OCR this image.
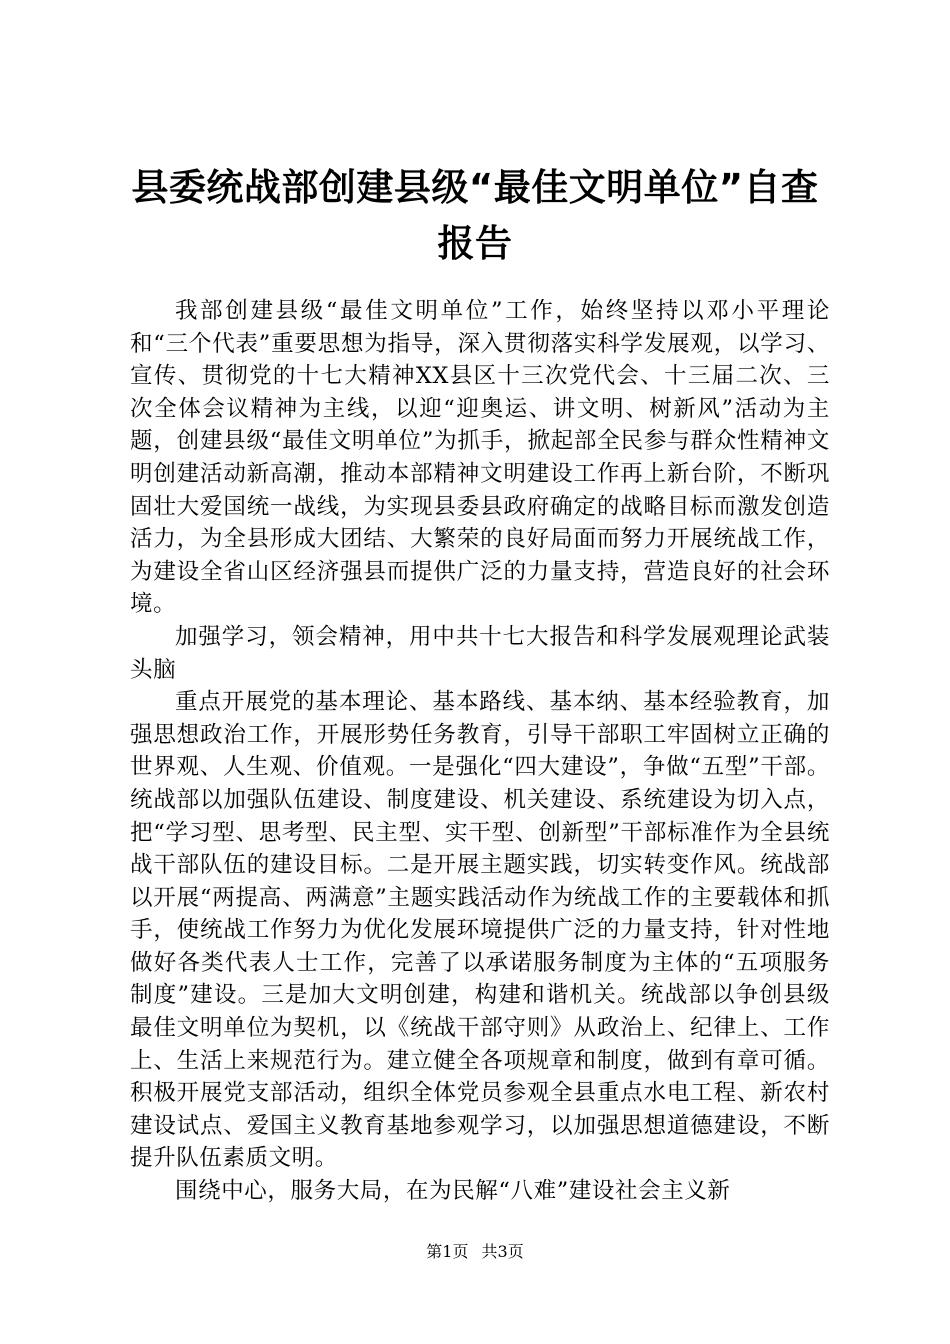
县委统战部创建县级“最佳文明单位”自查报告

我部创建县级“最佳文明单位”工作，始终坚持以邓小平理论和“三个代表”重要思想为指导，深入贯彻落实科学发展观，以学习、宣传、贯彻党的十七大精神XX县区十三次党代会、十三届二次、三次全体会议精神为主线，以迎“迎奥运、讲文明、树新风”活动为主题，创建县级“最佳文明单位”为抓手，掀起部全民参与群众性精神文明创建活动新高潮，推动本部精神文明建设工作再上新台阶，不断巩固壮大爱国统一战线，为实现县委县政府确定的战略目标而激发创造活力，为全县形成大团结、大繁荣的良好局面而努力开展统战工作，为建设全省山区经济强县而提供广泛的力量支持，营造良好的社会环境。

加强学习，领会精神，用中共十七大报告和科学发展观理论武装头脑

重点开展党的基本理论、基本路线、基本纳、基本经验教育，加强思想政治工作，开展形势任务教育，引导干部职工牢固树立正确的世界观、人生观、价值观。一是强化“四大建设”，争做“五型”干部。统战部以加强队伍建设、制度建设、机关建设、系统建设为切入点，把“学习型、思考型、民主型、实干型、创新型”干部标准作为全县统战干部队伍的建设目标。二是开展主题实践，切实转变作风。统战部以开展“两提高、两满意”主题实践活动作为统战工作的主要载体和抓手，使统战工作努力为优化发展环境提供广泛的力量支持，针对性地做好各类代表人士工作，完善了以承诺服务制度为主体的“五项服务制度”建设。三是加大文明创建，构建和谐机关。统战部以争创县级最佳文明单位为契机，以《统战干部守则》从政治上、纪律上、工作上、生活上来规范行为。建立健全各项规章和制度，做到有章可循。积极开展党支部活动，组织全体党员参观全县重点水电工程、新农村建设试点、爱国主义教育基地参观学习，以加强思想道德建设，不断提升队伍素质文明。

围绕中心，服务大局，在为民解“八难”建设社会主义新

第1页 共3页
